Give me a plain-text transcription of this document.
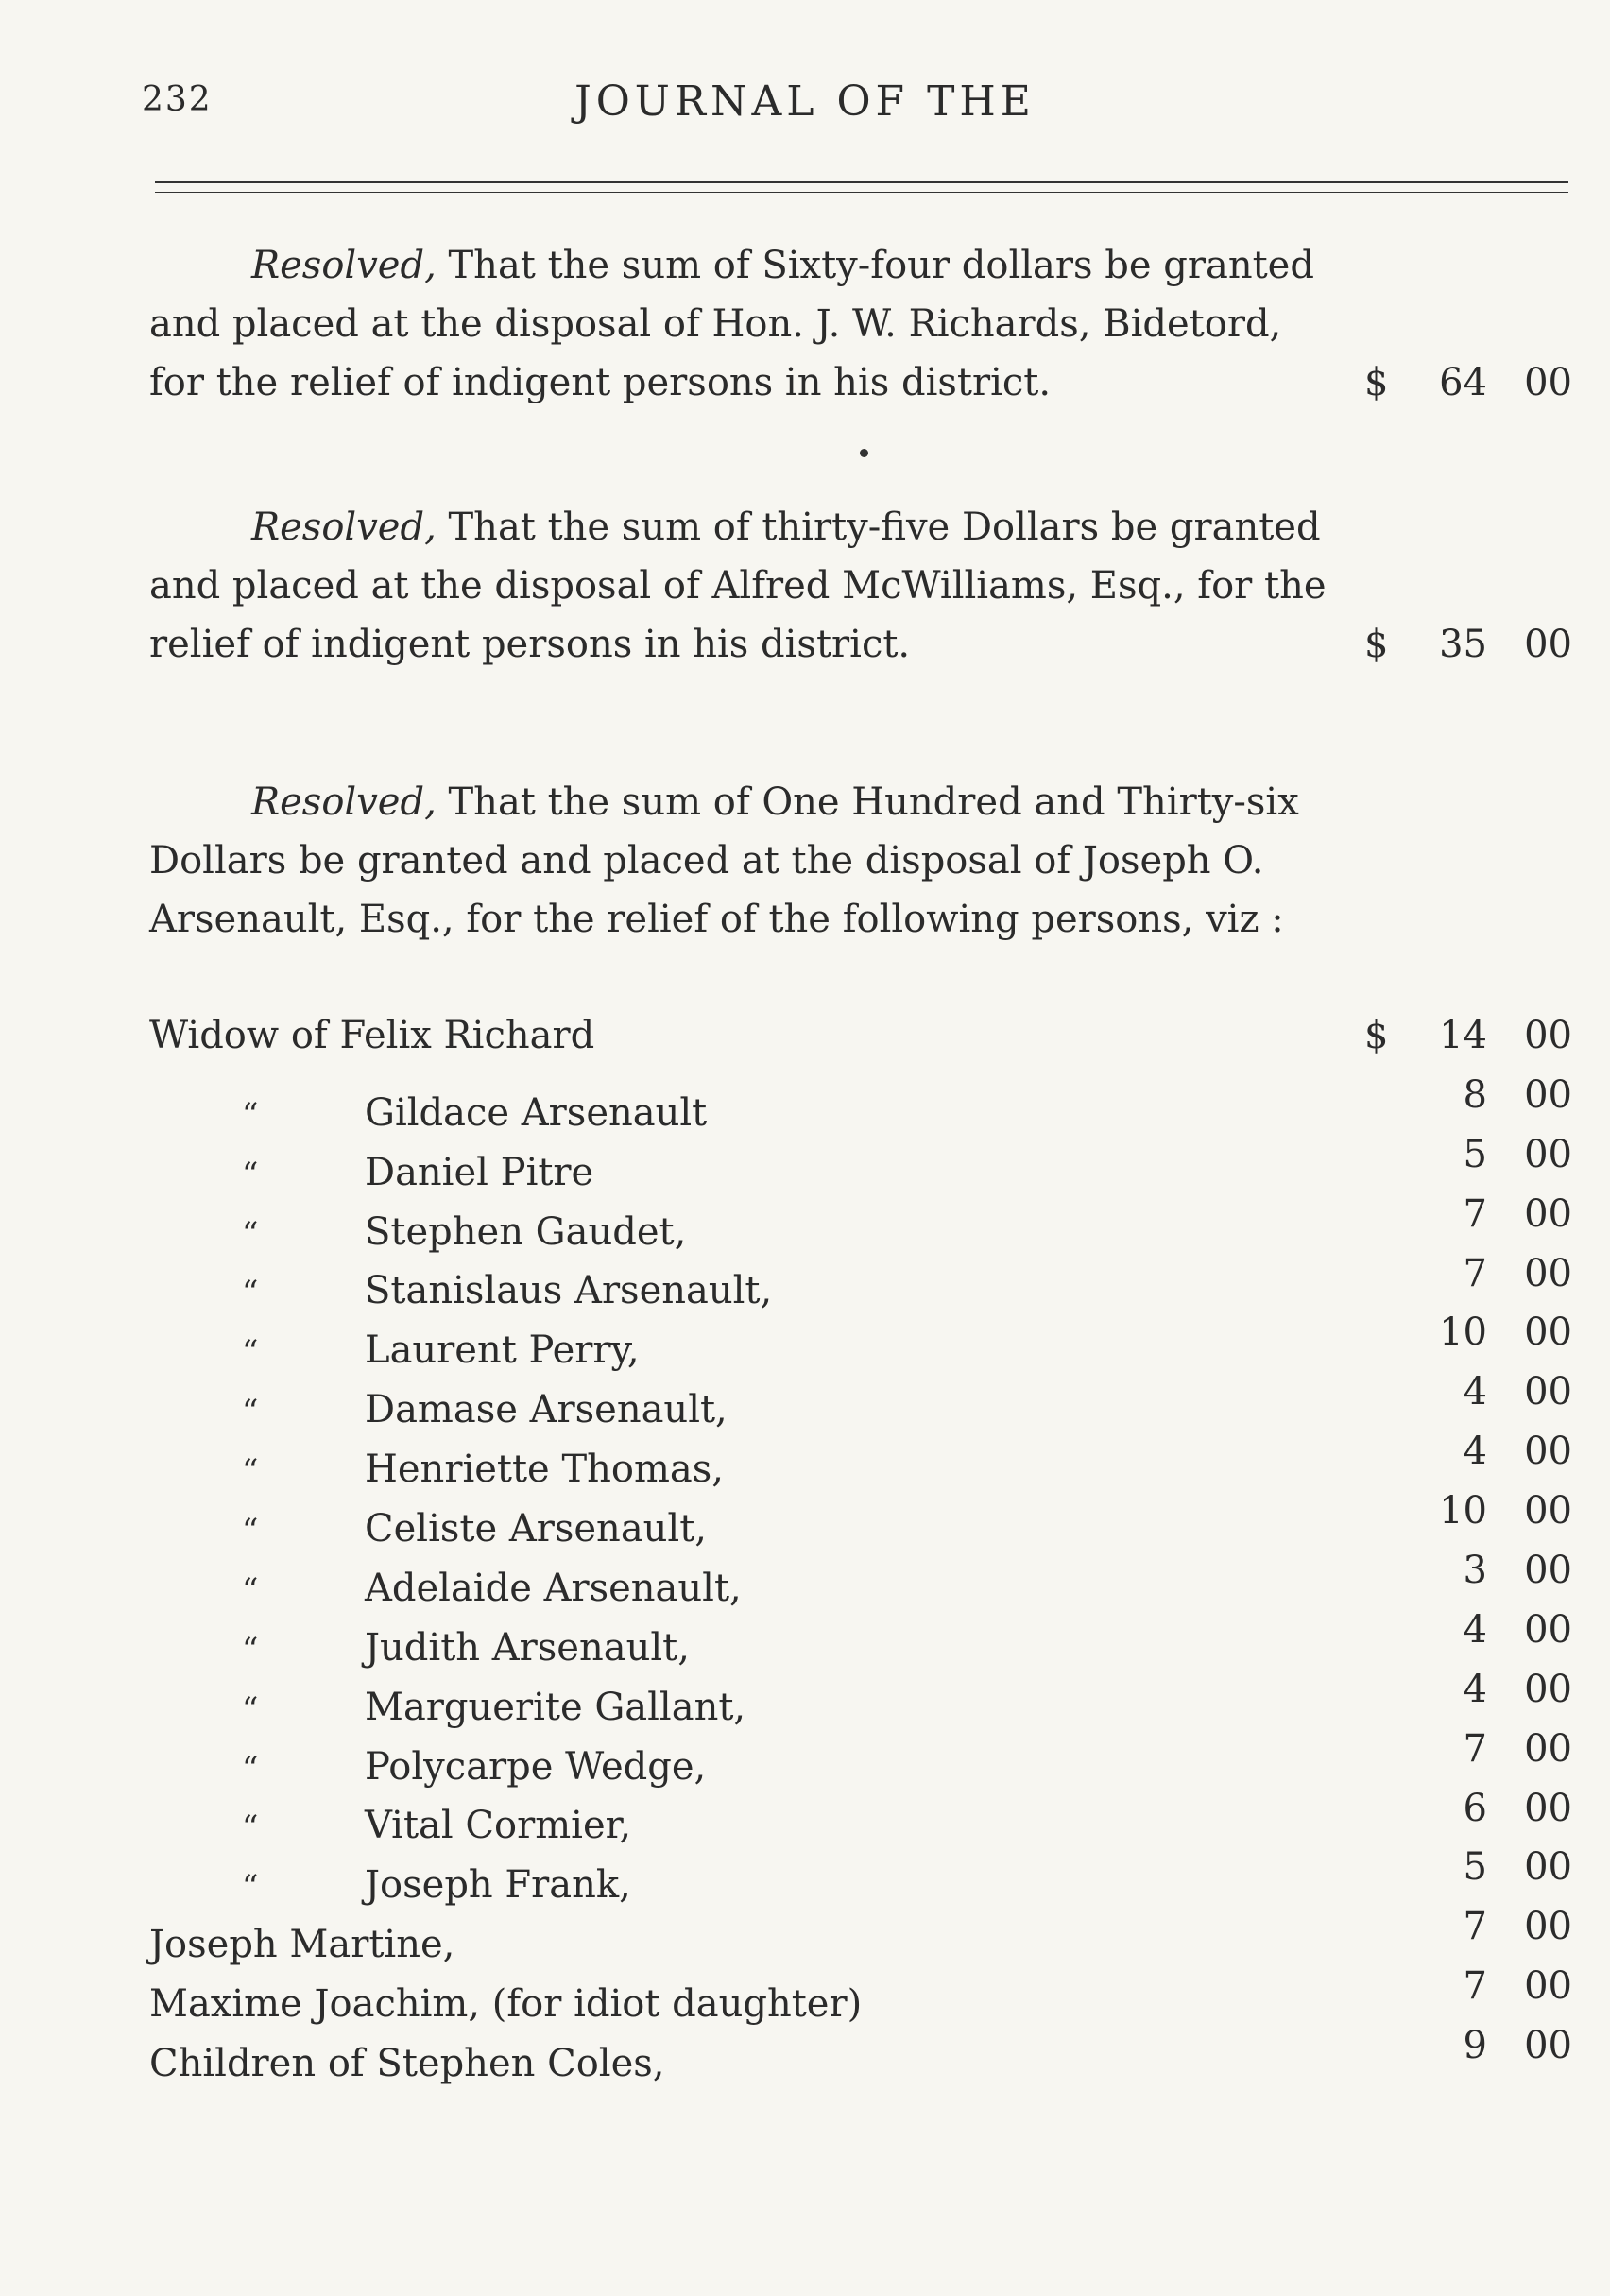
232	JOURNAL OF THE
Resolved, That the sum of Sixty-four dollars be granted
and placed at the disposal of Hon. J. W. Richards, Bidetord,
for the relief of indigent persons in his district.	$	64 00
Resolved, That the sum of thirty-five Dollars be granted
and placed at the disposal of Alfred McWilliams, Esq., for the
relief of indigent persons in his district.	$	35 00
Resolved, That the sum of One Hundred and Thirty-six
Dollars be granted and placed at the disposal of Joseph O.
Arsenault, Esq., for the relief of the following persons, viz :
Widow of Felix Richard	$	14 00
“	Gildace Arsenault	8 00
“	Daniel Pitre	5 00
“	Stephen Gaudet,	7 00
“	Stanislaus Arsenault,	7 00
“	Laurent Perry,	10 00
“	Damase Arsenault,	4 00
“	Henriette Thomas,	4 00
“	Celiste Arsenault,	10 00
“	Adelaide Arsenault,	3 00
“	Judith Arsenault,	4 00
“	Marguerite Gallant,	4 00
“	Polycarpe Wedge,	7 00
“	Vital Cormier,	6 00
“	Joseph Frank,	5 00
Joseph Martine,	7 00
Maxime Joachim, (for idiot daughter)	7 00
Children of Stephen Coles,	9 00
